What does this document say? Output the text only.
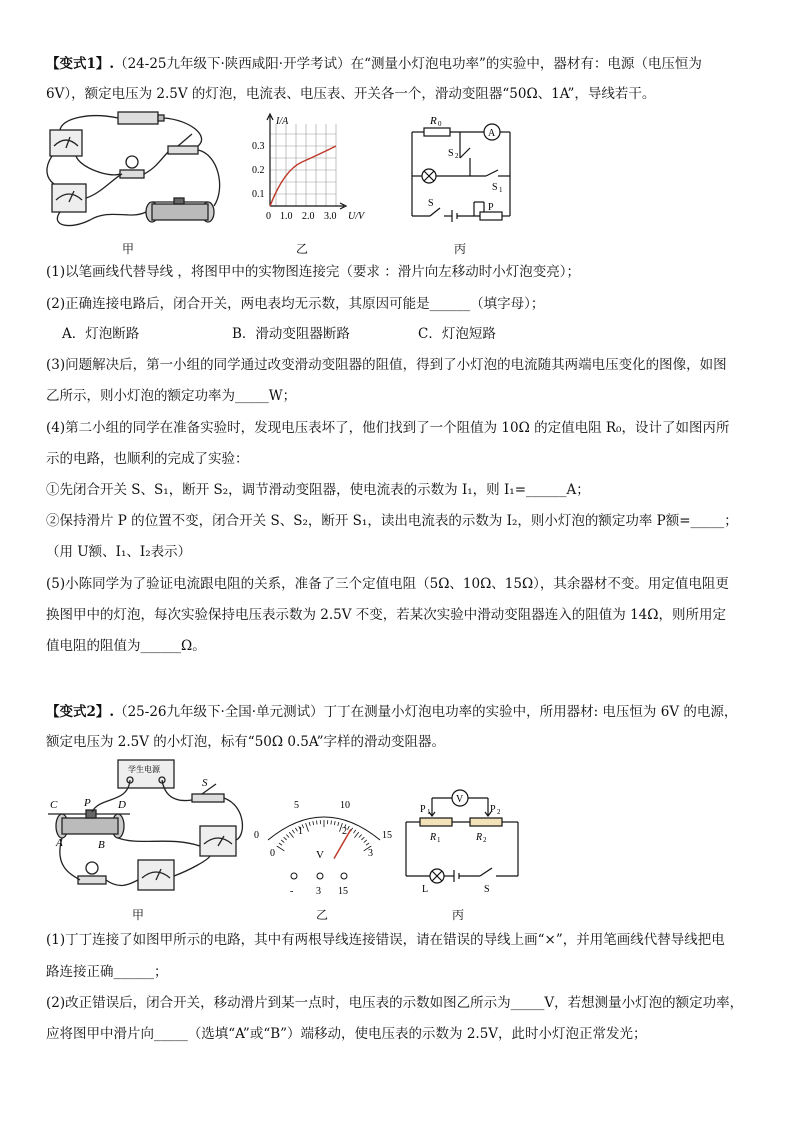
【变式1】.（24-25九年级下·陕西咸阳·开学考试）在“测量小灯泡电功率”的实验中，器材有：电源（电压恒为
6V），额定电压为 2.5V 的灯泡，电流表、电压表、开关各一个，滑动变阻器“50Ω、1A”，导线若干。
甲
I/A
0.3
0.2
0.1
0 1.0 2.0 3.0 U/V
乙
R 0
A
S 2
S 1
S	P
丙
(1)以笔画线代替导线 ，将图甲中的实物图连接完（要求 ：滑片向左移动时小灯泡变亮）；
(2)正确连接电路后，闭合开关，两电表均无示数，其原因可能是______（填字母）；
A．灯泡断路	B．滑动变阻器断路	C．灯泡短路
(3)问题解决后，第一小组的同学通过改变滑动变阻器的阻值，得到了小灯泡的电流随其两端电压变化的图像，如图
乙所示，则小灯泡的额定功率为_____W；
(4)第二小组的同学在准备实验时，发现电压表坏了，他们找到了一个阻值为 10Ω 的定值电阻 R₀，设计了如图丙所
示的电路，也顺利的完成了实验：
①先闭合开关 S、S₁，断开 S₂，调节滑动变阻器，使电流表的示数为 I₁，则 I₁=______A；
②保持滑片 P 的位置不变，闭合开关 S、S₂，断开 S₁，读出电流表的示数为 I₂，则小灯泡的额定功率 P额=_____；
（用 U额、I₁、I₂表示）
(5)小陈同学为了验证电流跟电阻的关系，准备了三个定值电阻（5Ω、10Ω、15Ω），其余器材不变。用定值电阻更
换图甲中的灯泡，每次实验保持电压表示数为 2.5V 不变，若某次实验中滑动变阻器连入的阻值为 14Ω，则所用定
值电阻的阻值为______Ω。
【变式2】.（25-26九年级下·全国·单元测试）丁丁在测量小灯泡电功率的实验中，所用器材: 电压恒为 6V 的电源，
额定电压为 2.5V 的小灯泡，标有“50Ω 0.5A”字样的滑动变阻器。
学生电源
C P D
A	B
S
甲
0
5	10
15
0
1	2
3
V
- 3 15
乙
V
P 1	P 2
R 1	R 2
L	S
丙
(1)丁丁连接了如图甲所示的电路，其中有两根导线连接错误，请在错误的导线上画“×”，并用笔画线代替导线把电
路连接正确______；
(2)改正错误后，闭合开关，移动滑片到某一点时，电压表的示数如图乙所示为_____V，若想测量小灯泡的额定功率，
应将图甲中滑片向_____（选填“A”或“B”）端移动，使电压表的示数为 2.5V，此时小灯泡正常发光；
